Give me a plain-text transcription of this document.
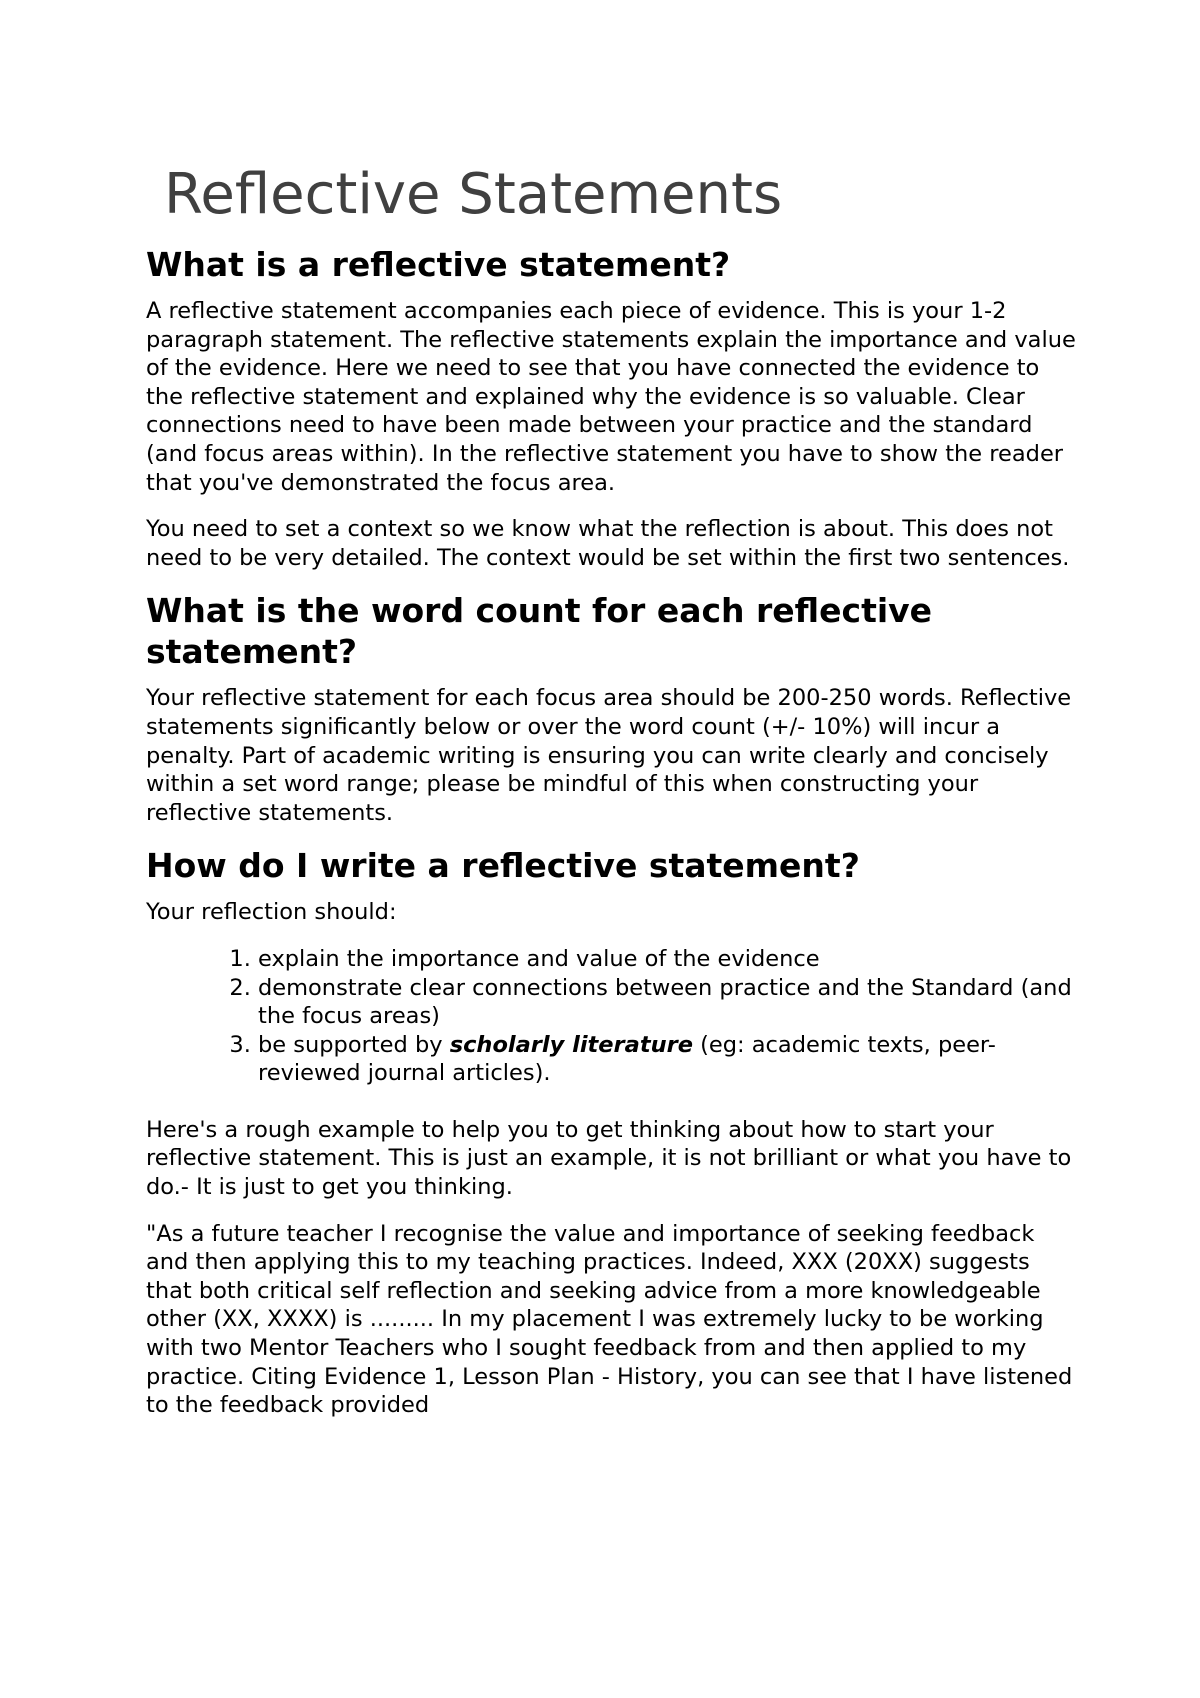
Reflective Statements
What is a reflective statement?

A reflective statement accompanies each piece of evidence. This is your 1-2 paragraph statement. The reflective statements explain the importance and value of the evidence. Here we need to see that you have connected the evidence to the reflective statement and explained why the evidence is so valuable. Clear connections need to have been made between your practice and the standard (and focus areas within). In the reflective statement you have to show the reader that you've demonstrated the focus area.

You need to set a context so we know what the reflection is about. This does not need to be very detailed. The context would be set within the first two sentences.

What is the word count for each reflective statement?

Your reflective statement for each focus area should be 200-250 words. Reflective statements significantly below or over the word count (+/- 10%) will incur a penalty. Part of academic writing is ensuring you can write clearly and concisely within a set word range; please be mindful of this when constructing your reflective statements.

How do I write a reflective statement?

Your reflection should:

1. explain the importance and value of the evidence
2. demonstrate clear connections between practice and the Standard (and the focus areas)
3. be supported by scholarly literature (eg: academic texts, peer-reviewed journal articles).

Here's a rough example to help you to get thinking about how to start your reflective statement. This is just an example, it is not brilliant or what you have to do.- It is just to get you thinking.

"As a future teacher I recognise the value and importance of seeking feedback and then applying this to my teaching practices. Indeed, XXX (20XX) suggests that both critical self reflection and seeking advice from a more knowledgeable other (XX, XXXX) is ......... In my placement I was extremely lucky to be working with two Mentor Teachers who I sought feedback from and then applied to my practice. Citing Evidence 1, Lesson Plan - History, you can see that I have listened to the feedback provided
